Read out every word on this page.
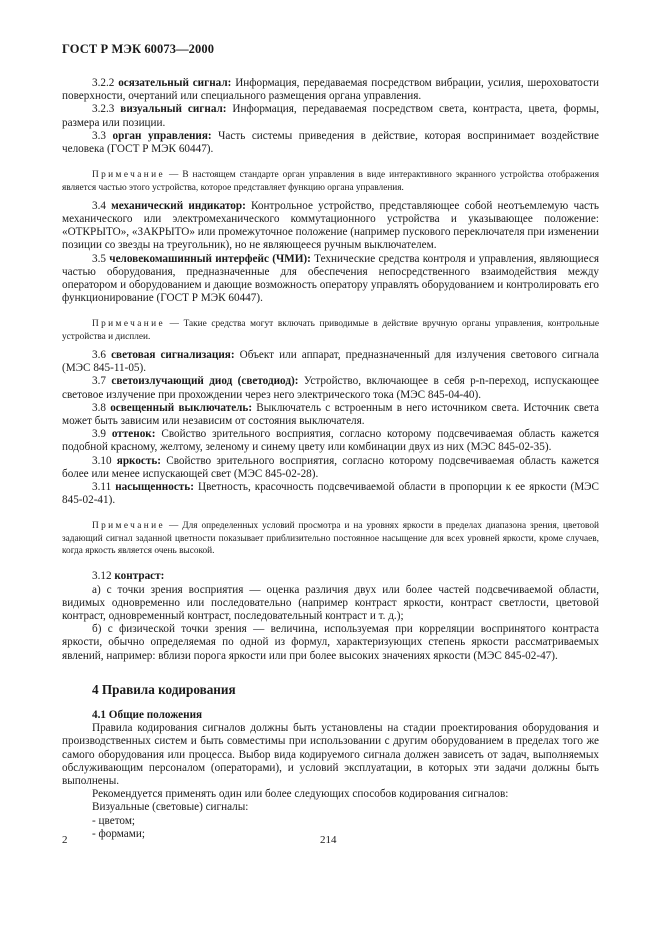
ГОСТ Р МЭК 60073—2000

3.2.2 осязательный сигнал: Информация, передаваемая посредством вибрации, усилия, шероховатости поверхности, очертаний или специального размещения органа управления.

3.2.3 визуальный сигнал: Информация, передаваемая посредством света, контраста, цвета, формы, размера или позиции.

3.3 орган управления: Часть системы приведения в действие, которая воспринимает воздействие человека (ГОСТ Р МЭК 60447).

Примечание — В настоящем стандарте орган управления в виде интерактивного экранного устройства отображения является частью этого устройства, которое представляет функцию органа управления.

3.4 механический индикатор: Контрольное устройство, представляющее собой неотъемлемую часть механического или электромеханического коммутационного устройства и указывающее положение: «ОТКРЫТО», «ЗАКРЫТО» или промежуточное положение (например пускового переключателя при изменении позиции со звезды на треугольник), но не являющееся ручным выключателем.

3.5 человекомашинный интерфейс (ЧМИ): Технические средства контроля и управления, являющиеся частью оборудования, предназначенные для обеспечения непосредственного взаимодействия между оператором и оборудованием и дающие возможность оператору управлять оборудованием и контролировать его функционирование (ГОСТ Р МЭК 60447).

Примечание — Такие средства могут включать приводимые в действие вручную органы управления, контрольные устройства и дисплеи.

3.6 световая сигнализация: Объект или аппарат, предназначенный для излучения светового сигнала (МЭС 845-11-05).

3.7 светоизлучающий диод (светодиод): Устройство, включающее в себя p-n-переход, испускающее световое излучение при прохождении через него электрического тока (МЭС 845-04-40).

3.8 освещенный выключатель: Выключатель с встроенным в него источником света. Источник света может быть зависим или независим от состояния выключателя.

3.9 оттенок: Свойство зрительного восприятия, согласно которому подсвечиваемая область кажется подобной красному, желтому, зеленому и синему цвету или комбинации двух из них (МЭС 845-02-35).

3.10 яркость: Свойство зрительного восприятия, согласно которому подсвечиваемая область кажется более или менее испускающей свет (МЭС 845-02-28).

3.11 насыщенность: Цветность, красочность подсвечиваемой области в пропорции к ее яркости (МЭС 845-02-41).

Примечание — Для определенных условий просмотра и на уровнях яркости в пределах диапазона зрения, цветовой задающий сигнал заданной цветности показывает приблизительно постоянное насыщение для всех уровней яркости, кроме случаев, когда яркость является очень высокой.

3.12 контраст:

а) с точки зрения восприятия — оценка различия двух или более частей подсвечиваемой области, видимых одновременно или последовательно (например контраст яркости, контраст светлости, цветовой контраст, одновременный контраст, последовательный контраст и т. д.);

б) с физической точки зрения — величина, используемая при корреляции воспринятого контраста яркости, обычно определяемая по одной из формул, характеризующих степень яркости рассматриваемых явлений, например: вблизи порога яркости или при более высоких значениях яркости (МЭС 845-02-47).

4 Правила кодирования

4.1 Общие положения

Правила кодирования сигналов должны быть установлены на стадии проектирования оборудования и производственных систем и быть совместимы при использовании с другим оборудованием в пределах того же самого оборудования или процесса. Выбор вида кодируемого сигнала должен зависеть от задач, выполняемых обслуживающим персоналом (операторами), и условий эксплуатации, в которых эти задачи должны быть выполнены.

Рекомендуется применять один или более следующих способов кодирования сигналов:

Визуальные (световые) сигналы:

- цветом;

- формами;

2	214
